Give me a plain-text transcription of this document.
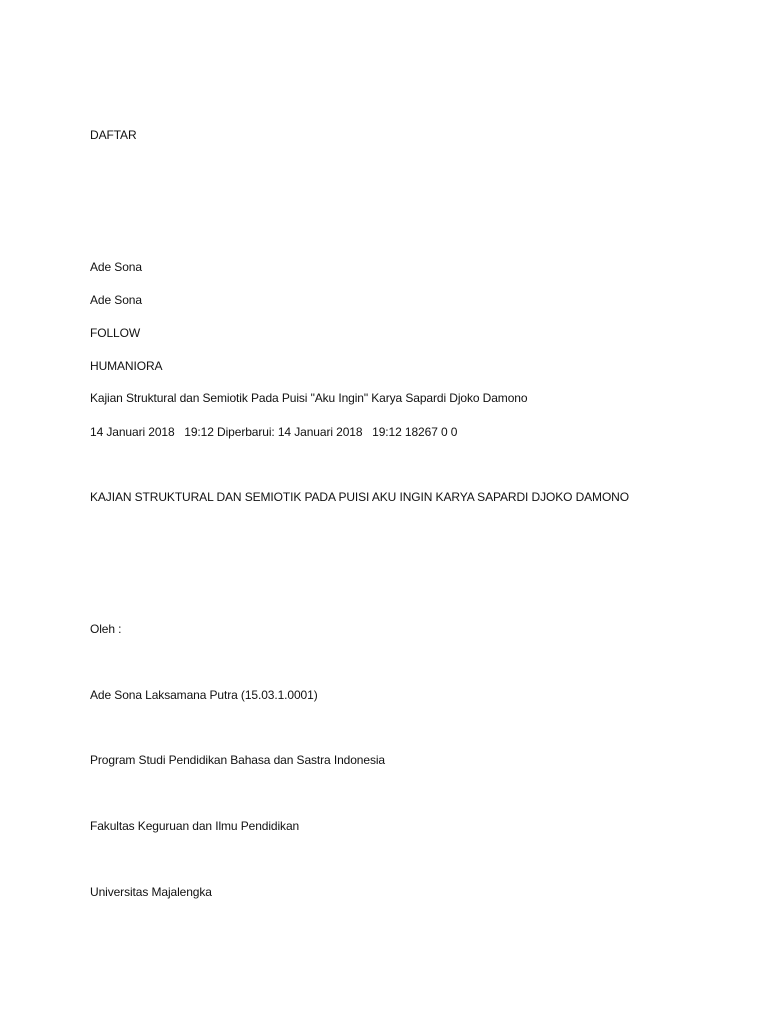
DAFTAR
Ade Sona
Ade Sona
FOLLOW
HUMANIORA
Kajian Struktural dan Semiotik Pada Puisi "Aku Ingin" Karya Sapardi Djoko Damono
14 Januari 2018   19:12 Diperbarui: 14 Januari 2018   19:12 18267 0 0
KAJIAN STRUKTURAL DAN SEMIOTIK PADA PUISI AKU INGIN KARYA SAPARDI DJOKO DAMONO
Oleh :
Ade Sona Laksamana Putra (15.03.1.0001)
Program Studi Pendidikan Bahasa dan Sastra Indonesia
Fakultas Keguruan dan Ilmu Pendidikan
Universitas Majalengka
